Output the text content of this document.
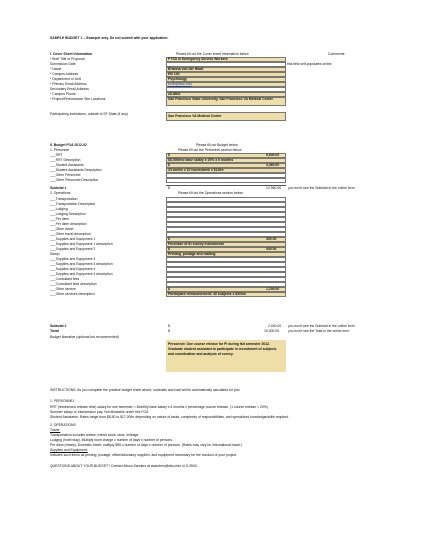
SAMPLE BUDGET 1 -- Example only. Do not submit with your application.
I. Cover Sheet Information	Please fill out the Cover sheet information below	Comments
this field self-populates online
* Brief Title of Proposal	PTSD in Emergency Service Workers
Submission Date
* Name	Brianna von der Haart
* Campus Address	HD 100
* Department or Unit	Psychology
* Primary Email Address	bvdh@sfsu.edu
Secondary Email Address
* Campus Phone	x8-8802
* Project/Performance Site Locations	San Francisco State University, San Francisco VA Medical Center
Participating Institutions, outside of SF State (if any)	San Francisco VA Medical Center
II. Budget FOA 2012-02	Please fill out Budget below
1. Personnel	Please fill out the Personnel section below
___RRT	$	9,600.00
___RRT Description	$8,000/mo base salary x 20% x 6 months
___Student Assistants	$	3,360.00
___Student Assistants Description	24 weeks x 10 hours/week x $14/hr
___Other Personnel
___Other Personnel Description
Subtotal 1	$	12,960.00 you won't see the Subtotal in the online form
2. Operations	Please fill out the Operations section below
___Transportation
___Transportation Description
___Lodging
___Lodging Description
___Per diem
___Per diem description
___Other travel
___Other travel description
___Supplies and Equipment 1	$	300.00
___Supplies and Equipment 1 description	Purchase of ID survey instruments
___Supplies and Equipment 2	$	940.00
Samp!	Printing, postage and mailing
___Supplies and Equipment 3
___Supplies and Equipment 3 description
___Supplies and Equipment 4
___Supplies and Equipment 4 description
___Consultant fees
___Consultant fees description
___Other service	$	1,200.00
___Other services description	Participant reimbursement: 40 subjects x $30/ea
Subtotal 2	$	2,040.00 you won't see the Subtotal in the online form
Total	$	15,000.00	you won't see the Total in the online form
Budget Narrative (optional but recommended)
Personnel: One course release for PI during fall semester 2012. Graduate student assistant to participate in recruitment of subjects and coordination and analysis of survey.
INSTRUCTIONS: As you complete the practice budget sheet above, subtotals and total will be automatically calculated for you:
1. PERSONNEL
RRT (reimbursed release time) salary for one semester = Monthly base salary x 6 months x percentage course release. (1 course release = 20%)
Summer salary or Intersession pay: Not allowable under this FOA
Student Assistants: Rates range from $8.50 to $17.00/hr depending on nature of tasks, complexity of responsibilities, and specialized knowledge/skills required.
2. OPERATIONS
Travel:
Transportation includes airfare, transit costs, taxis, mileage.
Lodging (hotel stay). Multiply room charge x number of days x number of persons.
Per diem (meals). Domestic travel: multiply $55 x number of days x number of persons. (Rates may vary for international travel.)
Supplies and Equipment:
Includes such items as printing, postage, office/laboratory supplies, and equipment necessary for the conduct of your project.
QUESTIONS ABOUT YOUR BUDGET? Contact Alison Sanders at asanders@sfsu.edu or 5-3943.
